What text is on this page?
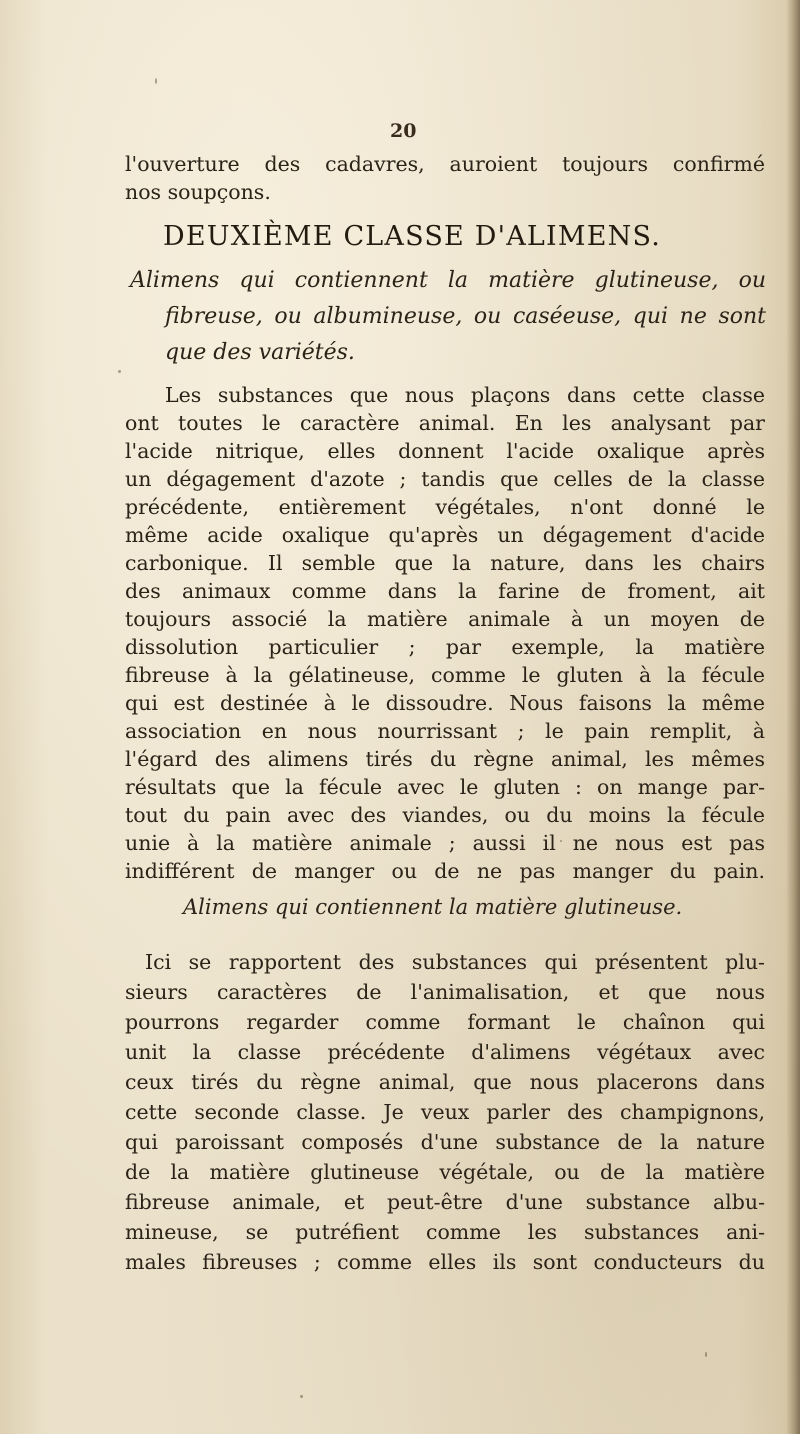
20
l'ouverture des cadavres, auroient toujours confirmé
nos soupçons.
DEUXIÈME CLASSE D'ALIMENS.
Alimens qui contiennent la matière glutineuse, ou
fibreuse, ou albumineuse, ou caséeuse, qui ne sont
que des variétés.
Les substances que nous plaçons dans cette classe
ont toutes le caractère animal. En les analysant par
l'acide nitrique, elles donnent l'acide oxalique après
un dégagement d'azote ; tandis que celles de la classe
précédente, entièrement végétales, n'ont donné le
même acide oxalique qu'après un dégagement d'acide
carbonique. Il semble que la nature, dans les chairs
des animaux comme dans la farine de froment, ait
toujours associé la matière animale à un moyen de
dissolution particulier ; par exemple, la matière
fibreuse à la gélatineuse, comme le gluten à la fécule
qui est destinée à le dissoudre. Nous faisons la même
association en nous nourrissant ; le pain remplit, à
l'égard des alimens tirés du règne animal, les mêmes
résultats que la fécule avec le gluten : on mange par-
tout du pain avec des viandes, ou du moins la fécule
unie à la matière animale ; aussi il ne nous est pas
indifférent de manger ou de ne pas manger du pain.
Alimens qui contiennent la matière glutineuse.
Ici se rapportent des substances qui présentent plu-
sieurs caractères de l'animalisation, et que nous
pourrons regarder comme formant le chaînon qui
unit la classe précédente d'alimens végétaux avec
ceux tirés du règne animal, que nous placerons dans
cette seconde classe. Je veux parler des champignons,
qui paroissant composés d'une substance de la nature
de la matière glutineuse végétale, ou de la matière
fibreuse animale, et peut-être d'une substance albu-
mineuse, se putréfient comme les substances ani-
males fibreuses ; comme elles ils sont conducteurs du
